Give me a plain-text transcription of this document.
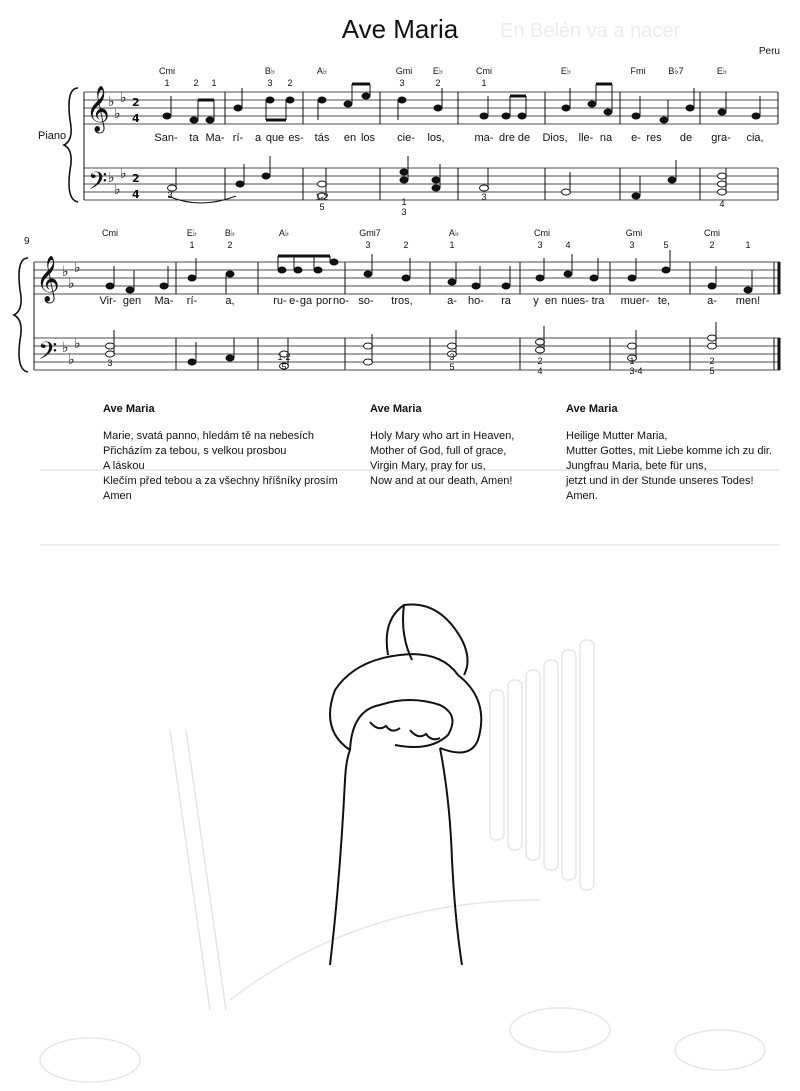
En Belén va a nacer
Ave Maria
Peru
Piano
9
𝄞
𝄢
♭
♭
♭
♭
♭
♭
2
4
2
4
𝄞
𝄢
♭
♭
♭
♭
♭
♭
Cmi	B♭	A♭	Gmi E♭	Cmi	E♭	Fmi	B♭7	E♭
1	2 1	3 2	3	2	1
San- ta Ma- rí- a que es- tás en los cie- los,	ma- dre de Dios, lle- na e- res de gra- cia,
3	1-2
5	1
3
3
4
Cmi	E♭	B♭	A♭	Gmi7	A♭	Cmi	Gmi	Cmi
1	2	3	2	1	3	4	3	5	2	1
Vir- gen Ma- rí-	a,	ru- e- ga por no- so- tros,	a- ho- ra y en nues- tra muer- te,	a- men!
3
1-2
5
3
5
2
4
1
3-4
2
5
Ave Maria

Marie, svatá panno, hledám tě na nebesích

Přicházím za tebou, s velkou prosbou

A láskou

Klečím před tebou a za všechny hříšníky prosím

Amen

Ave Maria

Holy Mary who art in Heaven,

Mother of God, full of grace,

Virgin Mary, pray for us,

Now and at our death, Amen!

Ave Maria

Heilige Mutter Maria,

Mutter Gottes, mit Liebe komme ich zu dir.

Jungfrau Maria, bete für uns,

jetzt und in der Stunde unseres Todes!

Amen.
